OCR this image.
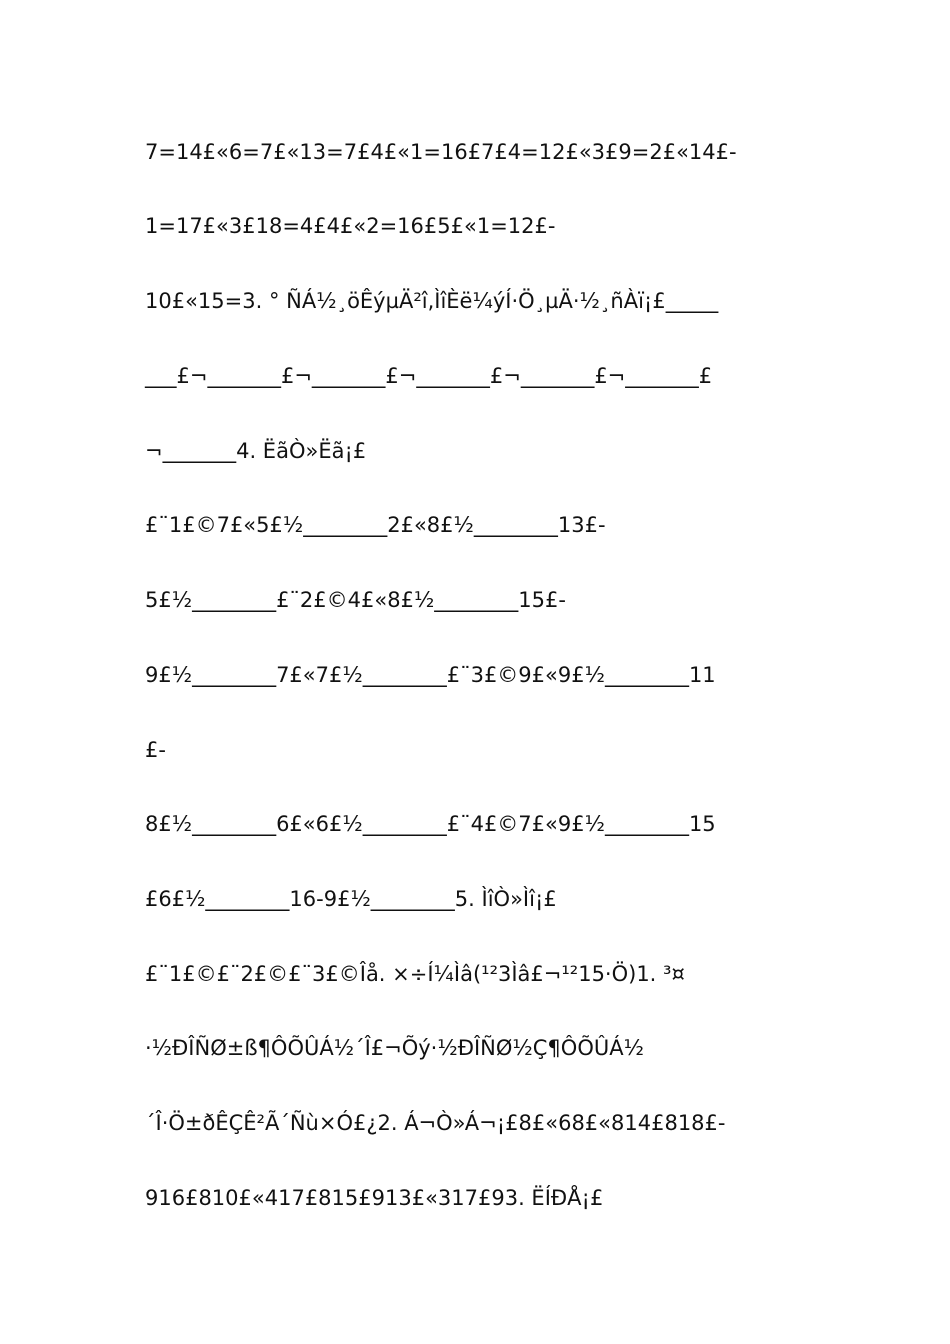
7=14£«6=7£«13=7£4£«1=16£7£4=12£«3£9=2£«14£-
1=17£«3£18=4£4£«2=16£5£«1=12£-
10£«15=3. ° ÑÁ½¸öÊýµÄ²î,ÌîÈë¼ýÍ·Ö¸µÄ·½¸ñÀï¡£_____
___£¬_______£¬_______£¬_______£¬_______£¬_______£
¬_______4. ËãÒ»Ëã¡£
£¨1£©7£«5£½________2£«8£½________13£-
5£½________£¨2£©4£«8£½________15£-
9£½________7£«7£½________£¨3£©9£«9£½________11
£-
8£½________6£«6£½________£¨4£©7£«9£½________15
£6£½________16-9£½________5. ÌîÒ»Ìî¡£
£¨1£©£¨2£©£¨3£©Îå. ×÷Í¼Ìâ(¹²3Ìâ£¬¹²15·Ö)1. ³¤
·½ÐÎÑØ±ß¶ÔÕÛÁ½´Î£¬Õý·½ÐÎÑØ½Ç¶ÔÕÛÁ½
´Î·Ö±ðÊÇÊ²Ã´Ñù×Ó£¿2. Á¬Ò»Á¬¡£8£«68£«814£818£-
916£810£«417£815£913£«317£93. ËÍÐÅ¡£
